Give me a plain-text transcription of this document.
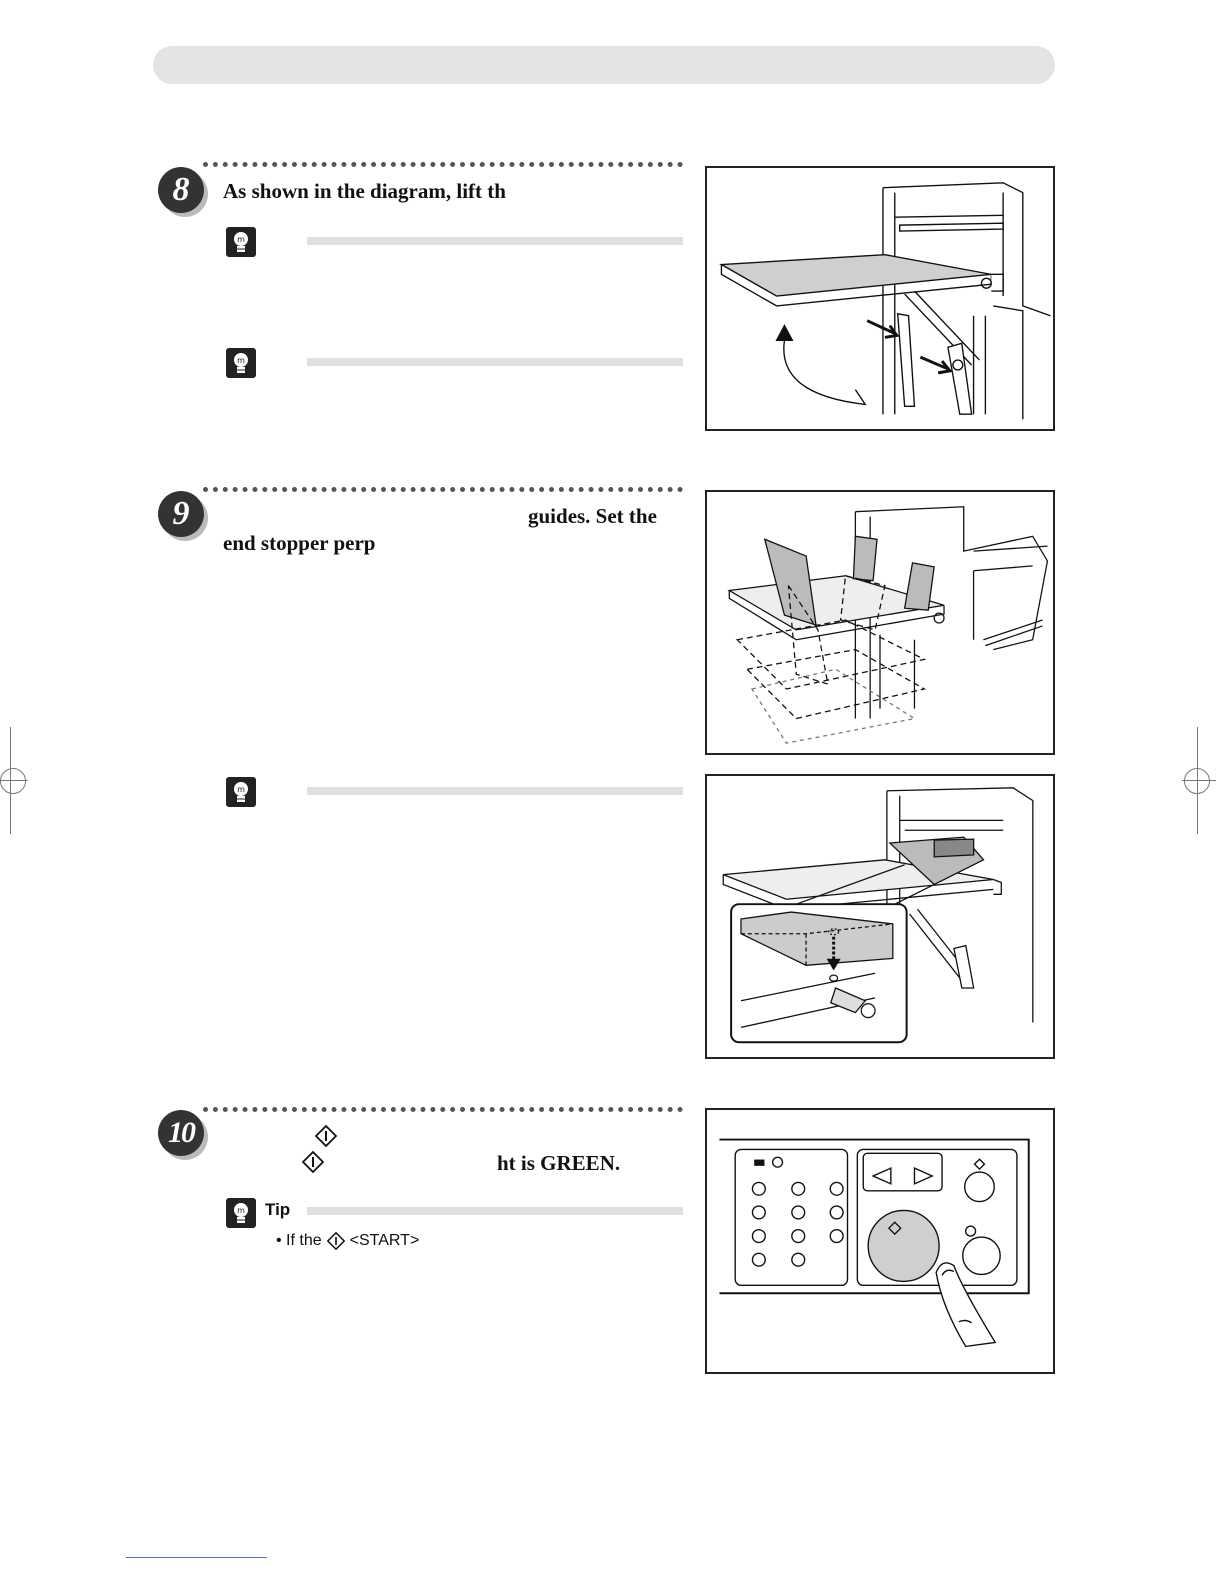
8	As shown in the diagram, lift th
m
m
9	guides. Set the
end stopper perp
m
10
ht is GREEN.
m Tip
• If the <START>
